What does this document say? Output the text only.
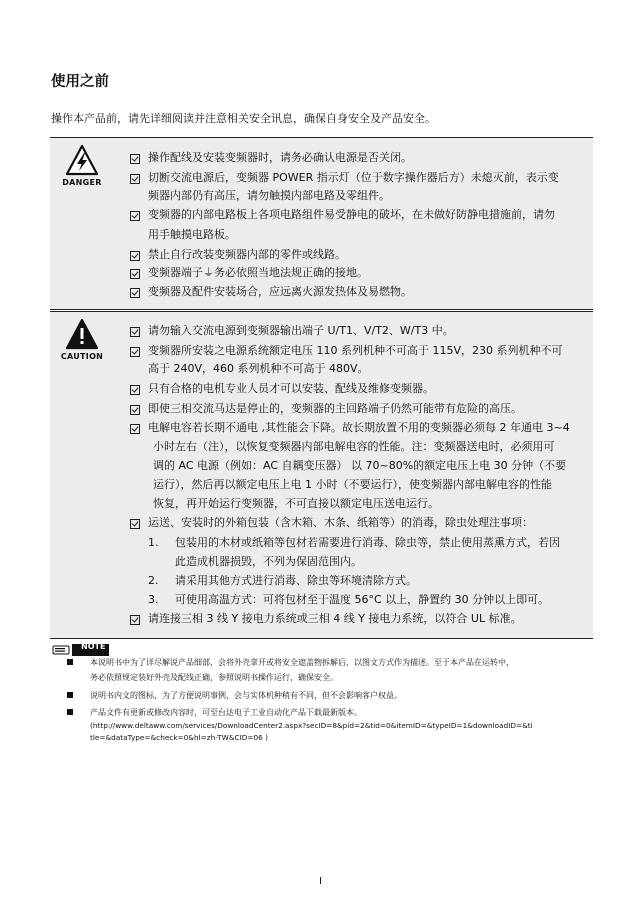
使用之前
操作本产品前，请先详细阅读并注意相关安全讯息，确保自身安全及产品安全。
DANGER
CAUTION
操作配线及安装变频器时，请务必确认电源是否关闭。
切断交流电源后，变频器 POWER 指示灯（位于数字操作器后方）未熄灭前，表示变
频器内部仍有高压，请勿触摸内部电路及零组件。
变频器的内部电路板上各项电路组件易受静电的破坏，在未做好防静电措施前，请勿
用手触摸电路板。
禁止自行改装变频器内部的零件或线路。
变频器端子⏚务必依照当地法规正确的接地。
变频器及配件安装场合，应远离火源发热体及易燃物。
请勿输入交流电源到变频器输出端子 U/T1、V/T2、W/T3 中。
变频器所安装之电源系统额定电压 110 系列机种不可高于 115V，230 系列机种不可
高于 240V，460 系列机种不可高于 480V。
只有合格的电机专业人员才可以安装、配线及维修变频器。
即使三相交流马达是停止的，变频器的主回路端子仍然可能带有危险的高压。
电解电容若长期不通电 ,其性能会下降。故长期放置不用的变频器必须每 2 年通电 3~4
小时左右（注），以恢复变频器内部电解电容的性能。注：变频器送电时，必须用可
调的 AC 电源（例如：AC 自耦变压器） 以 70~80%的额定电压上电 30 分钟（不要
运行），然后再以额定电压上电 1 小时（不要运行），使变频器内部电解电容的性能
恢复，再开始运行变频器，不可直接以额定电压送电运行。
运送、安装时的外箱包装（含木箱、木条、纸箱等）的消毒，除虫处理注事项：
1. 包装用的木材或纸箱等包材若需要进行消毒、除虫等，禁止使用蒸熏方式，若因
此造成机器损毁，不列为保固范围内。
2. 请采用其他方式进行消毒、除虫等环境清除方式。
3. 可使用高温方式：可将包材至于温度 56°C 以上，静置约 30 分钟以上即可。
请连接三相 3 线 Y 接电力系统或三相 4 线 Y 接电力系统，以符合 UL 标准。
NOTE
本说明书中为了详尽解说产品细部，会将外壳拿开或将安全遮盖物拆解后，以图文方式作为描述。至于本产品在运转中，
务必依照规定装好外壳及配线正确，参照说明书操作运行，确保安全。
说明书内文的图标，为了方便说明事例，会与实体机种稍有不同，但不会影响客户权益。
产品文件有更新或修改内容时，可至台达电子工业自动化产品下载最新版本。
(http://www.deltaww.com/services/DownloadCenter2.aspx?secID=8&pid=2&tid=0&itemID=&typeID=1&downloadID=&ti
tle=&dataType=&check=0&hl=zh-TW&CID=06 )
I
